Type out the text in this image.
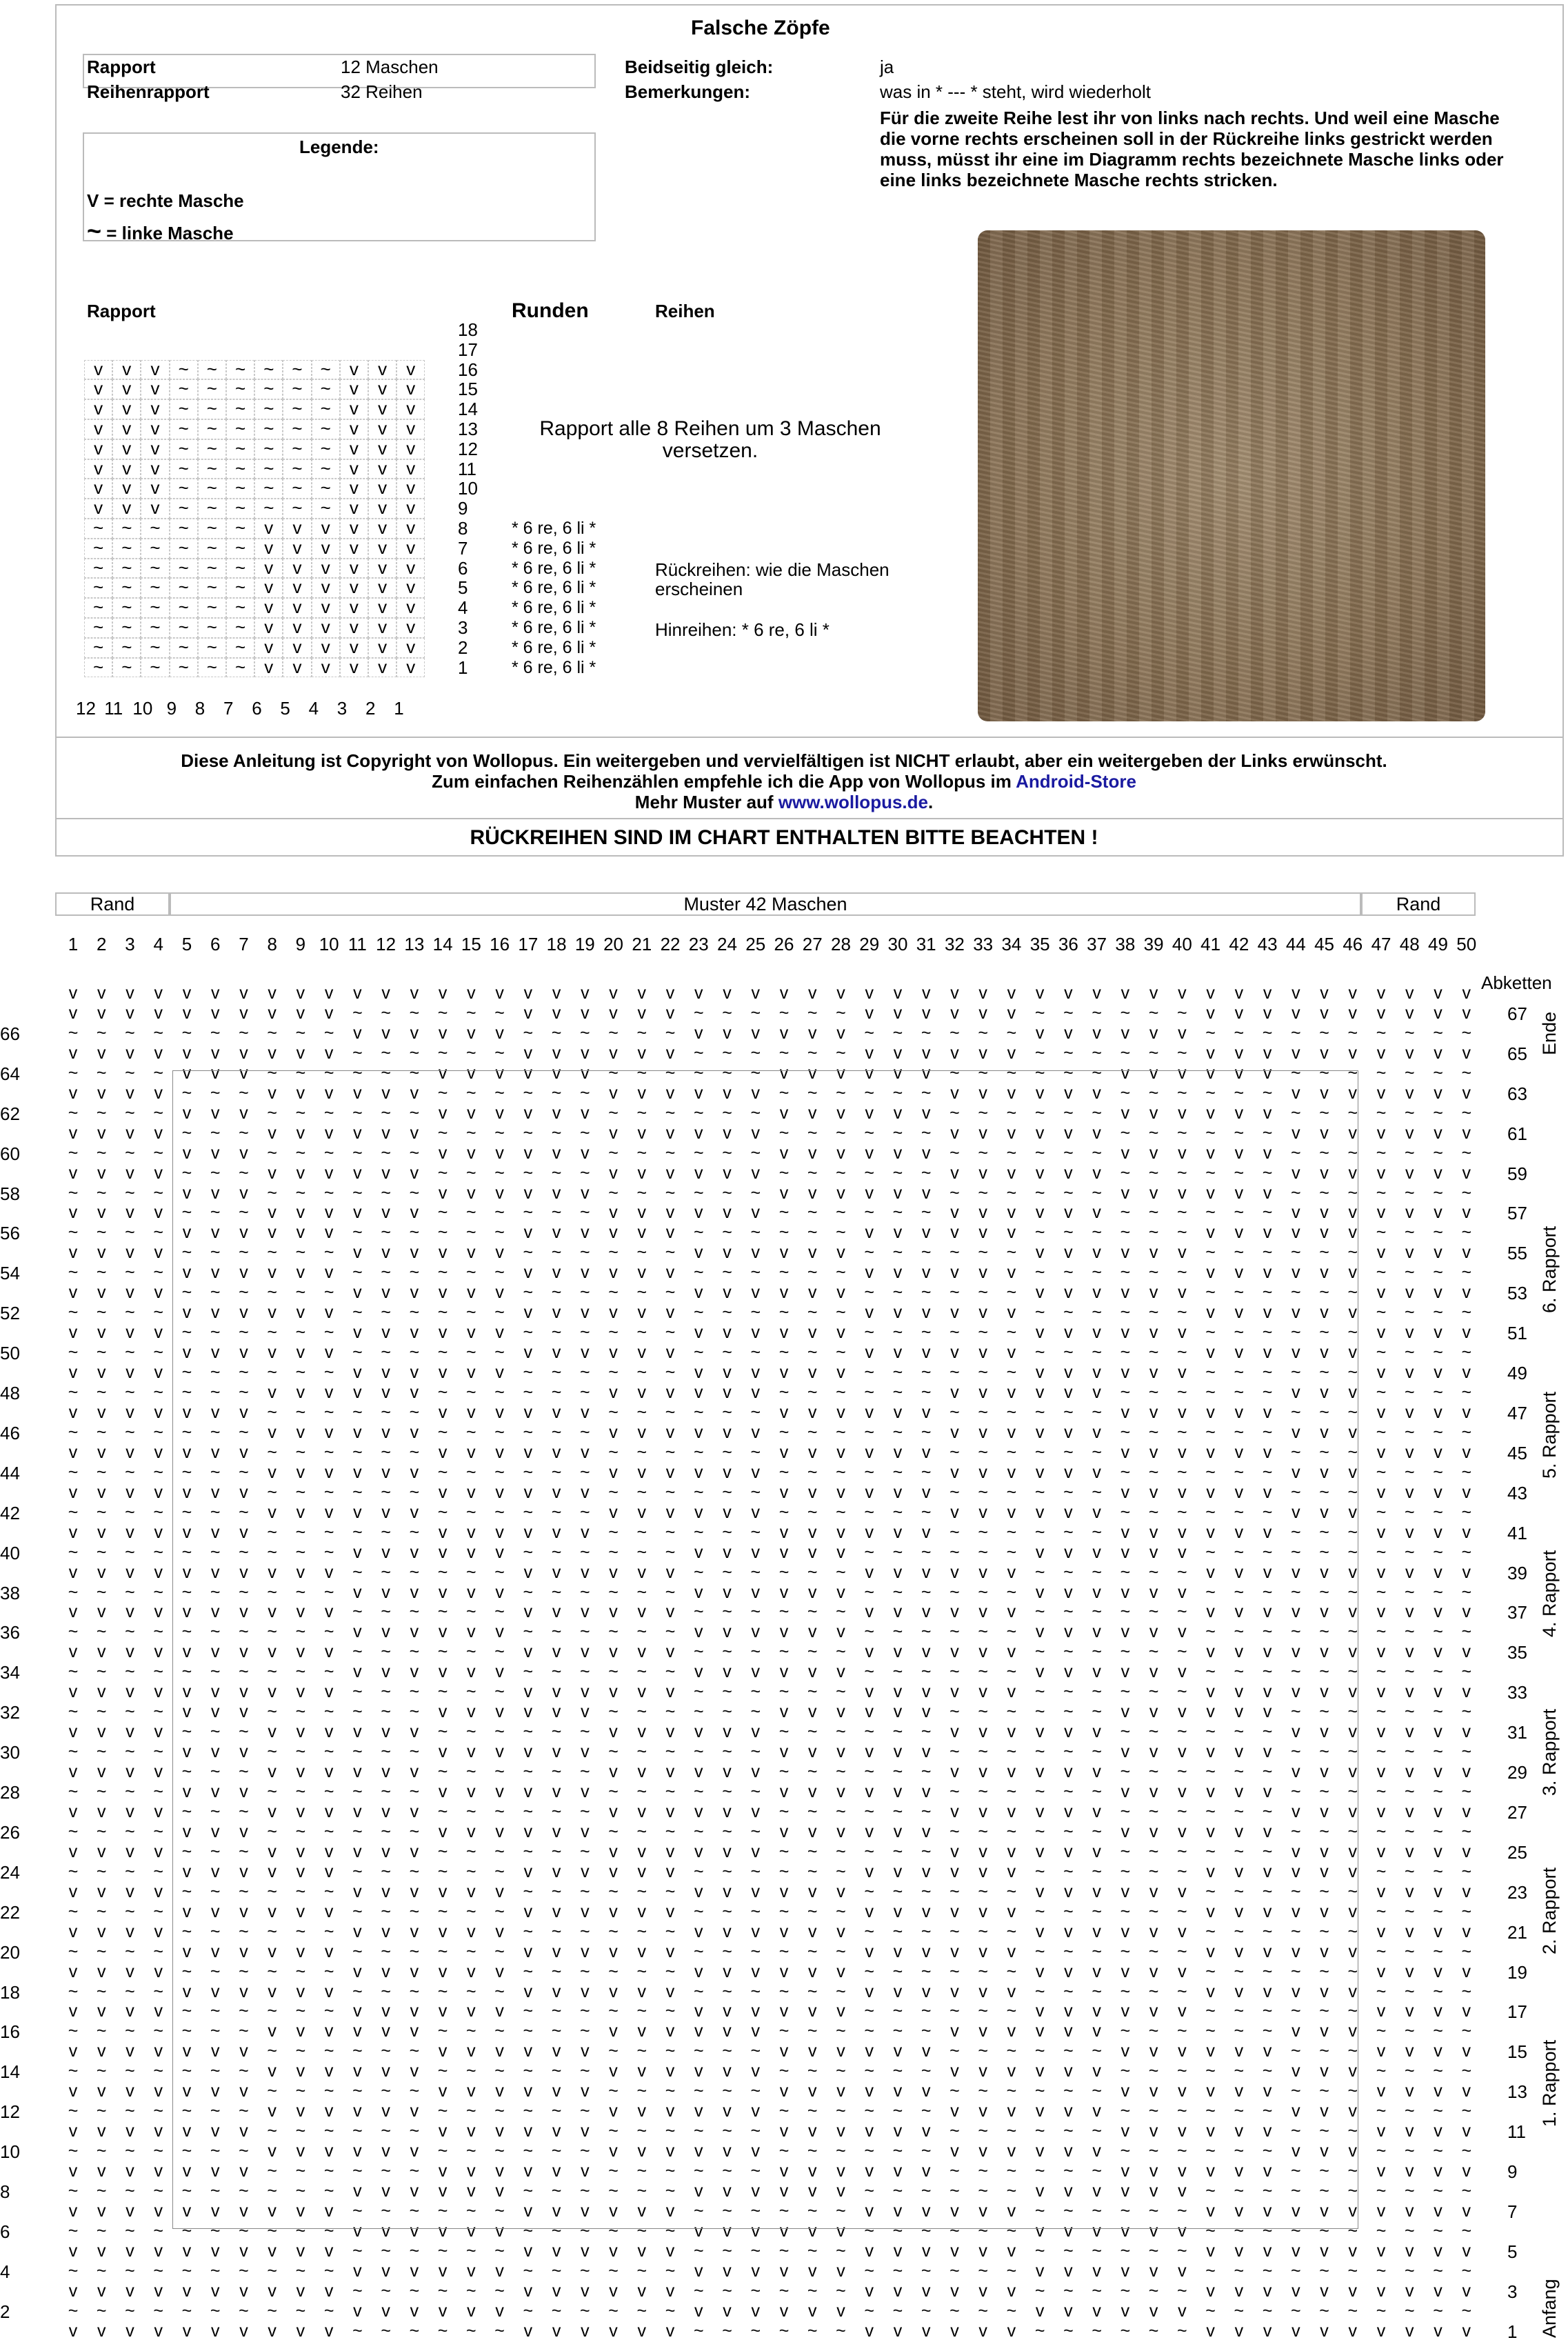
Falsche Zöpfe
Rapport	12 Maschen
Reihenrapport	32 Reihen
Beidseitig gleich:	ja
Bemerkungen:	was in * --- * steht, wird wiederholt
Für die zweite Reihe lest ihr von links nach rechts. Und weil eine Masche die vorne rechts erscheinen soll in der Rückreihe links gestrickt werden muss, müsst ihr eine im Diagramm rechts bezeichnete Masche links oder eine links bezeichnete Masche rechts stricken.
Legende:
V = rechte Masche
~ = linke Masche
Rapport	Runden	Reihen
18
17
v	v	v	~	~	~	~	~	~	v	v	v	16
v	v	v	~	~	~	~	~	~	v	v	v	15
v	v	v	~	~	~	~	~	~	v	v	v	14
v	v	v	~	~	~	~	~	~	v	v	v	13
v	v	v	~	~	~	~	~	~	v	v	v	12
v	v	v	~	~	~	~	~	~	v	v	v	11
v	v	v	~	~	~	~	~	~	v	v	v	10
v	v	v	~	~	~	~	~	~	v	v	v	9
~	~	~	~	~	~	v	v	v	v	v	v	8	* 6 re, 6 li *
~	~	~	~	~	~	v	v	v	v	v	v	7	* 6 re, 6 li *
~	~	~	~	~	~	v	v	v	v	v	v	6	* 6 re, 6 li *
~	~	~	~	~	~	v	v	v	v	v	v	5	* 6 re, 6 li *
~	~	~	~	~	~	v	v	v	v	v	v	4	* 6 re, 6 li *
~	~	~	~	~	~	v	v	v	v	v	v	3	* 6 re, 6 li *
~	~	~	~	~	~	v	v	v	v	v	v	2	* 6 re, 6 li *
~	~	~	~	~	~	v	v	v	v	v	v	1	* 6 re, 6 li *
12 11 10 9 8 7 6 5 4 3 2 1
Rapport alle 8 Reihen um 3 Maschen versetzen.
Rückreihen: wie die Maschen erscheinen
Hinreihen: * 6 re, 6 li *
Diese Anleitung ist Copyright von Wollopus. Ein weitergeben und vervielfältigen ist NICHT erlaubt, aber ein weitergeben der Links erwünscht.
Zum einfachen Reihenzählen empfehle ich die App von Wollopus im Android-Store
Mehr Muster auf www.wollopus.de.
RÜCKREIHEN SIND IM CHART ENTHALTEN BITTE BEACHTEN !
Rand	Muster 42 Maschen	Rand
1	2	3	4	5	6	7	8	9 10 11 12 13 14 15 16 17 18 19 20 21 22 23 24 25 26 27 28 29 30 31 32 33 34 35 36 37 38 39 40 41 42 43 44 45 46 47 48 49 50
v	v	v	v	v	v	v	v	v	v	v	v	v	v	v	v	v	v	v	v	v	v	v	v	v	v	v	v	v	v	v	v	v	v	v	v	v	v	v	v	v	v	v	v	v	v	v	v	v	v
v	v	v	v	v	v	v	v	v	v	~	~	~	~	~	~	v	v	v	v	v	v	~	~	~	~	~	~	v	v	v	v	v	v	~	~	~	~	~	~	v	v	v	v	v	v	v	v	v	v	67
~	~	~	~	~	~	~	~	~	~	v	v	v	v	v	v	~	~	~	~	~	~	v	v	v	v	v	v	~	~	~	~	~	~	v	v	v	v	v	v	~	~	~	~	~	~	~	~	~	~
66
v	v	v	v	v	v	v	v	v	v	~	~	~	~	~	~	v	v	v	v	v	v	~	~	~	~	~	~	v	v	v	v	v	v	~	~	~	~	~	~	v	v	v	v	v	v	v	v	v	v	65
~	~	~	~	v	v	v	~	~	~	~	~	~	v	v	v	v	v	v	~	~	~	~	~	~	v	v	v	v	v	v	~	~	~	~	~	~	v	v	v	v	v	v	~	~	~	~	~	~	~
64
v	v	v	v	~	~	~	v	v	v	v	v	v	~	~	~	~	~	~	v	v	v	v	v	v	~	~	~	~	~	~	v	v	v	v	v	v	~	~	~	~	~	~	v	v	v	v	v	v	v	63
~	~	~	~	v	v	v	~	~	~	~	~	~	v	v	v	v	v	v	~	~	~	~	~	~	v	v	v	v	v	v	~	~	~	~	~	~	v	v	v	v	v	v	~	~	~	~	~	~	~
62
v	v	v	v	~	~	~	v	v	v	v	v	v	~	~	~	~	~	~	v	v	v	v	v	v	~	~	~	~	~	~	v	v	v	v	v	v	~	~	~	~	~	~	v	v	v	v	v	v	v	61
~	~	~	~	v	v	v	~	~	~	~	~	~	v	v	v	v	v	v	~	~	~	~	~	~	v	v	v	v	v	v	~	~	~	~	~	~	v	v	v	v	v	v	~	~	~	~	~	~	~
60
v	v	v	v	~	~	~	v	v	v	v	v	v	~	~	~	~	~	~	v	v	v	v	v	v	~	~	~	~	~	~	v	v	v	v	v	v	~	~	~	~	~	~	v	v	v	v	v	v	v	59
~	~	~	~	v	v	v	~	~	~	~	~	~	v	v	v	v	v	v	~	~	~	~	~	~	v	v	v	v	v	v	~	~	~	~	~	~	v	v	v	v	v	v	~	~	~	~	~	~	~
58
v	v	v	v	~	~	~	v	v	v	v	v	v	~	~	~	~	~	~	v	v	v	v	v	v	~	~	~	~	~	~	v	v	v	v	v	v	~	~	~	~	~	~	v	v	v	v	v	v	v	57
~	~	~	~	v	v	v	v	v	v	~	~	~	~	~	~	v	v	v	v	v	v	~	~	~	~	~	~	v	v	v	v	v	v	~	~	~	~	~	~	v	v	v	v	v	v	~	~	~	~
56
v	v	v	v	~	~	~	~	~	~	v	v	v	v	v	v	~	~	~	~	~	~	v	v	v	v	v	v	~	~	~	~	~	~	v	v	v	v	v	v	~	~	~	~	~	~	v	v	v	v	55
~	~	~	~	v	v	v	v	v	v	~	~	~	~	~	~	v	v	v	v	v	v	~	~	~	~	~	~	v	v	v	v	v	v	~	~	~	~	~	~	v	v	v	v	v	v	~	~	~	~
54
v	v	v	v	~	~	~	~	~	~	v	v	v	v	v	v	~	~	~	~	~	~	v	v	v	v	v	v	~	~	~	~	~	~	v	v	v	v	v	v	~	~	~	~	~	~	v	v	v	v	53
~	~	~	~	v	v	v	v	v	v	~	~	~	~	~	~	v	v	v	v	v	v	~	~	~	~	~	~	v	v	v	v	v	v	~	~	~	~	~	~	v	v	v	v	v	v	~	~	~	~
52
v	v	v	v	~	~	~	~	~	~	v	v	v	v	v	v	~	~	~	~	~	~	v	v	v	v	v	v	~	~	~	~	~	~	v	v	v	v	v	v	~	~	~	~	~	~	v	v	v	v	51
~	~	~	~	v	v	v	v	v	v	~	~	~	~	~	~	v	v	v	v	v	v	~	~	~	~	~	~	v	v	v	v	v	v	~	~	~	~	~	~	v	v	v	v	v	v	~	~	~	~
50
v	v	v	v	~	~	~	~	~	~	v	v	v	v	v	v	~	~	~	~	~	~	v	v	v	v	v	v	~	~	~	~	~	~	v	v	v	v	v	v	~	~	~	~	~	~	v	v	v	v	49
~	~	~	~	~	~	~	v	v	v	v	v	v	~	~	~	~	~	~	v	v	v	v	v	v	~	~	~	~	~	~	v	v	v	v	v	v	~	~	~	~	~	~	v	v	v	~	~	~	~
48
v	v	v	v	v	v	v	~	~	~	~	~	~	v	v	v	v	v	v	~	~	~	~	~	~	v	v	v	v	v	v	~	~	~	~	~	~	v	v	v	v	v	v	~	~	~	v	v	v	v	47
~	~	~	~	~	~	~	v	v	v	v	v	v	~	~	~	~	~	~	v	v	v	v	v	v	~	~	~	~	~	~	v	v	v	v	v	v	~	~	~	~	~	~	v	v	v	~	~	~	~
46
v	v	v	v	v	v	v	~	~	~	~	~	~	v	v	v	v	v	v	~	~	~	~	~	~	v	v	v	v	v	v	~	~	~	~	~	~	v	v	v	v	v	v	~	~	~	v	v	v	v	45
~	~	~	~	~	~	~	v	v	v	v	v	v	~	~	~	~	~	~	v	v	v	v	v	v	~	~	~	~	~	~	v	v	v	v	v	v	~	~	~	~	~	~	v	v	v	~	~	~	~
44
v	v	v	v	v	v	v	~	~	~	~	~	~	v	v	v	v	v	v	~	~	~	~	~	~	v	v	v	v	v	v	~	~	~	~	~	~	v	v	v	v	v	v	~	~	~	v	v	v	v	43
~	~	~	~	~	~	~	v	v	v	v	v	v	~	~	~	~	~	~	v	v	v	v	v	v	~	~	~	~	~	~	v	v	v	v	v	v	~	~	~	~	~	~	v	v	v	~	~	~	~
42
v	v	v	v	v	v	v	~	~	~	~	~	~	v	v	v	v	v	v	~	~	~	~	~	~	v	v	v	v	v	v	~	~	~	~	~	~	v	v	v	v	v	v	~	~	~	v	v	v	v	41
~	~	~	~	~	~	~	~	~	~	v	v	v	v	v	v	~	~	~	~	~	~	v	v	v	v	v	v	~	~	~	~	~	~	v	v	v	v	v	v	~	~	~	~	~	~	~	~	~	~
40
v	v	v	v	v	v	v	v	v	v	~	~	~	~	~	~	v	v	v	v	v	v	~	~	~	~	~	~	v	v	v	v	v	v	~	~	~	~	~	~	v	v	v	v	v	v	v	v	v	v	39
~	~	~	~	~	~	~	~	~	~	v	v	v	v	v	v	~	~	~	~	~	~	v	v	v	v	v	v	~	~	~	~	~	~	v	v	v	v	v	v	~	~	~	~	~	~	~	~	~	~
38
v	v	v	v	v	v	v	v	v	v	~	~	~	~	~	~	v	v	v	v	v	v	~	~	~	~	~	~	v	v	v	v	v	v	~	~	~	~	~	~	v	v	v	v	v	v	v	v	v	v	37
~	~	~	~	~	~	~	~	~	~	v	v	v	v	v	v	~	~	~	~	~	~	v	v	v	v	v	v	~	~	~	~	~	~	v	v	v	v	v	v	~	~	~	~	~	~	~	~	~	~
36
v	v	v	v	v	v	v	v	v	v	~	~	~	~	~	~	v	v	v	v	v	v	~	~	~	~	~	~	v	v	v	v	v	v	~	~	~	~	~	~	v	v	v	v	v	v	v	v	v	v	35
~	~	~	~	~	~	~	~	~	~	v	v	v	v	v	v	~	~	~	~	~	~	v	v	v	v	v	v	~	~	~	~	~	~	v	v	v	v	v	v	~	~	~	~	~	~	~	~	~	~
34
v	v	v	v	v	v	v	v	v	v	~	~	~	~	~	~	v	v	v	v	v	v	~	~	~	~	~	~	v	v	v	v	v	v	~	~	~	~	~	~	v	v	v	v	v	v	v	v	v	v	33
~	~	~	~	v	v	v	~	~	~	~	~	~	v	v	v	v	v	v	~	~	~	~	~	~	v	v	v	v	v	v	~	~	~	~	~	~	v	v	v	v	v	v	~	~	~	~	~	~	~
32
v	v	v	v	~	~	~	v	v	v	v	v	v	~	~	~	~	~	~	v	v	v	v	v	v	~	~	~	~	~	~	v	v	v	v	v	v	~	~	~	~	~	~	v	v	v	v	v	v	v	31
~	~	~	~	v	v	v	~	~	~	~	~	~	v	v	v	v	v	v	~	~	~	~	~	~	v	v	v	v	v	v	~	~	~	~	~	~	v	v	v	v	v	v	~	~	~	~	~	~	~
30
v	v	v	v	~	~	~	v	v	v	v	v	v	~	~	~	~	~	~	v	v	v	v	v	v	~	~	~	~	~	~	v	v	v	v	v	v	~	~	~	~	~	~	v	v	v	v	v	v	v	29
~	~	~	~	v	v	v	~	~	~	~	~	~	v	v	v	v	v	v	~	~	~	~	~	~	v	v	v	v	v	v	~	~	~	~	~	~	v	v	v	v	v	v	~	~	~	~	~	~	~
28
v	v	v	v	~	~	~	v	v	v	v	v	v	~	~	~	~	~	~	v	v	v	v	v	v	~	~	~	~	~	~	v	v	v	v	v	v	~	~	~	~	~	~	v	v	v	v	v	v	v	27
~	~	~	~	v	v	v	~	~	~	~	~	~	v	v	v	v	v	v	~	~	~	~	~	~	v	v	v	v	v	v	~	~	~	~	~	~	v	v	v	v	v	v	~	~	~	~	~	~	~
26
v	v	v	v	~	~	~	v	v	v	v	v	v	~	~	~	~	~	~	v	v	v	v	v	v	~	~	~	~	~	~	v	v	v	v	v	v	~	~	~	~	~	~	v	v	v	v	v	v	v	25
~	~	~	~	v	v	v	v	v	v	~	~	~	~	~	~	v	v	v	v	v	v	~	~	~	~	~	~	v	v	v	v	v	v	~	~	~	~	~	~	v	v	v	v	v	v	~	~	~	~
24
v	v	v	v	~	~	~	~	~	~	v	v	v	v	v	v	~	~	~	~	~	~	v	v	v	v	v	v	~	~	~	~	~	~	v	v	v	v	v	v	~	~	~	~	~	~	v	v	v	v	23
~	~	~	~	v	v	v	v	v	v	~	~	~	~	~	~	v	v	v	v	v	v	~	~	~	~	~	~	v	v	v	v	v	v	~	~	~	~	~	~	v	v	v	v	v	v	~	~	~	~
22
v	v	v	v	~	~	~	~	~	~	v	v	v	v	v	v	~	~	~	~	~	~	v	v	v	v	v	v	~	~	~	~	~	~	v	v	v	v	v	v	~	~	~	~	~	~	v	v	v	v	21
~	~	~	~	v	v	v	v	v	v	~	~	~	~	~	~	v	v	v	v	v	v	~	~	~	~	~	~	v	v	v	v	v	v	~	~	~	~	~	~	v	v	v	v	v	v	~	~	~	~
20
v	v	v	v	~	~	~	~	~	~	v	v	v	v	v	v	~	~	~	~	~	~	v	v	v	v	v	v	~	~	~	~	~	~	v	v	v	v	v	v	~	~	~	~	~	~	v	v	v	v	19
~	~	~	~	v	v	v	v	v	v	~	~	~	~	~	~	v	v	v	v	v	v	~	~	~	~	~	~	v	v	v	v	v	v	~	~	~	~	~	~	v	v	v	v	v	v	~	~	~	~
18
v	v	v	v	~	~	~	~	~	~	v	v	v	v	v	v	~	~	~	~	~	~	v	v	v	v	v	v	~	~	~	~	~	~	v	v	v	v	v	v	~	~	~	~	~	~	v	v	v	v	17
~	~	~	~	~	~	~	v	v	v	v	v	v	~	~	~	~	~	~	v	v	v	v	v	v	~	~	~	~	~	~	v	v	v	v	v	v	~	~	~	~	~	~	v	v	v	~	~	~	~
16
v	v	v	v	v	v	v	~	~	~	~	~	~	v	v	v	v	v	v	~	~	~	~	~	~	v	v	v	v	v	v	~	~	~	~	~	~	v	v	v	v	v	v	~	~	~	v	v	v	v	15
~	~	~	~	~	~	~	v	v	v	v	v	v	~	~	~	~	~	~	v	v	v	v	v	v	~	~	~	~	~	~	v	v	v	v	v	v	~	~	~	~	~	~	v	v	v	~	~	~	~
14
v	v	v	v	v	v	v	~	~	~	~	~	~	v	v	v	v	v	v	~	~	~	~	~	~	v	v	v	v	v	v	~	~	~	~	~	~	v	v	v	v	v	v	~	~	~	v	v	v	v	13
~	~	~	~	~	~	~	v	v	v	v	v	v	~	~	~	~	~	~	v	v	v	v	v	v	~	~	~	~	~	~	v	v	v	v	v	v	~	~	~	~	~	~	v	v	v	~	~	~	~
12
v	v	v	v	v	v	v	~	~	~	~	~	~	v	v	v	v	v	v	~	~	~	~	~	~	v	v	v	v	v	v	~	~	~	~	~	~	v	v	v	v	v	v	~	~	~	v	v	v	v	11
~	~	~	~	~	~	~	v	v	v	v	v	v	~	~	~	~	~	~	v	v	v	v	v	v	~	~	~	~	~	~	v	v	v	v	v	v	~	~	~	~	~	~	v	v	v	~	~	~	~
10
v	v	v	v	v	v	v	~	~	~	~	~	~	v	v	v	v	v	v	~	~	~	~	~	~	v	v	v	v	v	v	~	~	~	~	~	~	v	v	v	v	v	v	~	~	~	v	v	v	v	9
~	~	~	~	~	~	~	~	~	~	v	v	v	v	v	v	~	~	~	~	~	~	v	v	v	v	v	v	~	~	~	~	~	~	v	v	v	v	v	v	~	~	~	~	~	~	~	~	~	~
8
v	v	v	v	v	v	v	v	v	v	~	~	~	~	~	~	v	v	v	v	v	v	~	~	~	~	~	~	v	v	v	v	v	v	~	~	~	~	~	~	v	v	v	v	v	v	v	v	v	v	7
~	~	~	~	~	~	~	~	~	~	v	v	v	v	v	v	~	~	~	~	~	~	v	v	v	v	v	v	~	~	~	~	~	~	v	v	v	v	v	v	~	~	~	~	~	~	~	~	~	~
6
v	v	v	v	v	v	v	v	v	v	~	~	~	~	~	~	v	v	v	v	v	v	~	~	~	~	~	~	v	v	v	v	v	v	~	~	~	~	~	~	v	v	v	v	v	v	v	v	v	v	5
~	~	~	~	~	~	~	~	~	~	v	v	v	v	v	v	~	~	~	~	~	~	v	v	v	v	v	v	~	~	~	~	~	~	v	v	v	v	v	v	~	~	~	~	~	~	~	~	~	~
4
v	v	v	v	v	v	v	v	v	v	~	~	~	~	~	~	v	v	v	v	v	v	~	~	~	~	~	~	v	v	v	v	v	v	~	~	~	~	~	~	v	v	v	v	v	v	v	v	v	v	3
~	~	~	~	~	~	~	~	~	~	v	v	v	v	v	v	~	~	~	~	~	~	v	v	v	v	v	v	~	~	~	~	~	~	v	v	v	v	v	v	~	~	~	~	~	~	~	~	~	~
2
v	v	v	v	v	v	v	v	v	v	~	~	~	~	~	~	v	v	v	v	v	v	~	~	~	~	~	~	v	v	v	v	v	v	~	~	~	~	~	~	v	v	v	v	v	v	v	v	v	v	1
Abketten
Ende
Anfang
1. Rapport
2. Rapport
3. Rapport
4. Rapport
5. Rapport
6. Rapport
